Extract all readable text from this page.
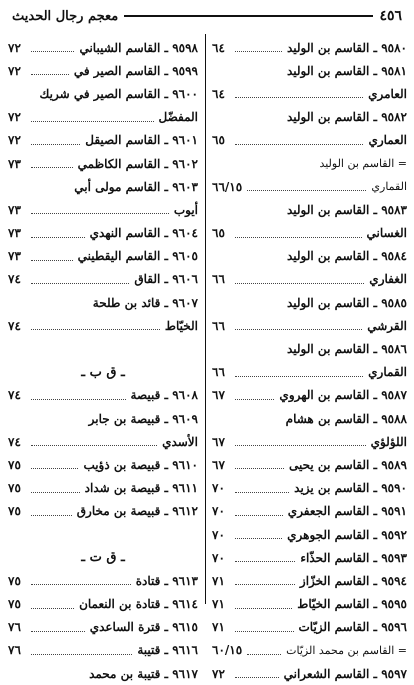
معجم رجال الحديث	٤٥٦
٦٤	٩٥٨٠ ـ القاسم بن الوليد
٩٥٨١ ـ القاسم بن الوليد
٦٤	العامري
٩٥٨٢ ـ القاسم بن الوليد
٦٥	العماري
= القاسم بن الوليد
٦٦/١٥	القماري
٩٥٨٣ ـ القاسم بن الوليد
٦٥	الغساني
٩٥٨٤ ـ القاسم بن الوليد
٦٦	الغفاري
٩٥٨٥ ـ القاسم بن الوليد
٦٦	القرشي
٩٥٨٦ ـ القاسم بن الوليد
٦٦	القماري
٦٧	٩٥٨٧ ـ القاسم بن الهروي
٩٥٨٨ ـ القاسم بن هشام
٦٧	اللؤلؤي
٦٧	٩٥٨٩ ـ القاسم بن يحيى
٧٠	٩٥٩٠ ـ القاسم بن يزيد
٧٠	٩٥٩١ ـ القاسم الجعفري
٧٠	٩٥٩٢ ـ القاسم الجوهري
٧٠	٩٥٩٣ ـ القاسم الحذّاء
٧١	٩٥٩٤ ـ القاسم الخزّاز
٧١	٩٥٩٥ ـ القاسم الخيّاط
٧١	٩٥٩٦ ـ القاسم الزيّات
٦٠/١٥	= القاسم بن محمد الزيّات
٧٢	٩٥٩٧ ـ القاسم الشعراني
٧٢	٩٥٩٨ ـ القاسم الشيباني
٧٢	٩٥٩٩ ـ القاسم الصير في
٩٦٠٠ ـ القاسم الصير في شريك
٧٢	المفضّل
٧٢	٩٦٠١ ـ القاسم الصيقل
٧٣	٩٦٠٢ ـ القاسم الكاظمي
٩٦٠٣ ـ القاسم مولى أبي
٧٣	أيوب
٧٣	٩٦٠٤ ـ القاسم النهدي
٧٣	٩٦٠٥ ـ القاسم اليقطيني
٧٤	٩٦٠٦ ـ القاق
٩٦٠٧ ـ قائد بن طلحة
٧٤	الخيّاط
ـ ق ب ـ
٧٤	٩٦٠٨ ـ قبيصة
٩٦٠٩ ـ قبيصة بن جابر
٧٤	الأسدي
٧٥	٩٦١٠ ـ قبيصة بن ذؤيب
٧٥	٩٦١١ ـ قبيصة بن شداد
٧٥	٩٦١٢ ـ قبيصة بن مخارق
ـ ق ت ـ
٧٥	٩٦١٣ ـ قتادة
٧٥	٩٦١٤ ـ قتادة بن النعمان
٧٦	٩٦١٥ ـ قترة الساعدي
٧٦	٩٦١٦ ـ قتيبة
٩٦١٧ ـ قتيبة بن محمد
